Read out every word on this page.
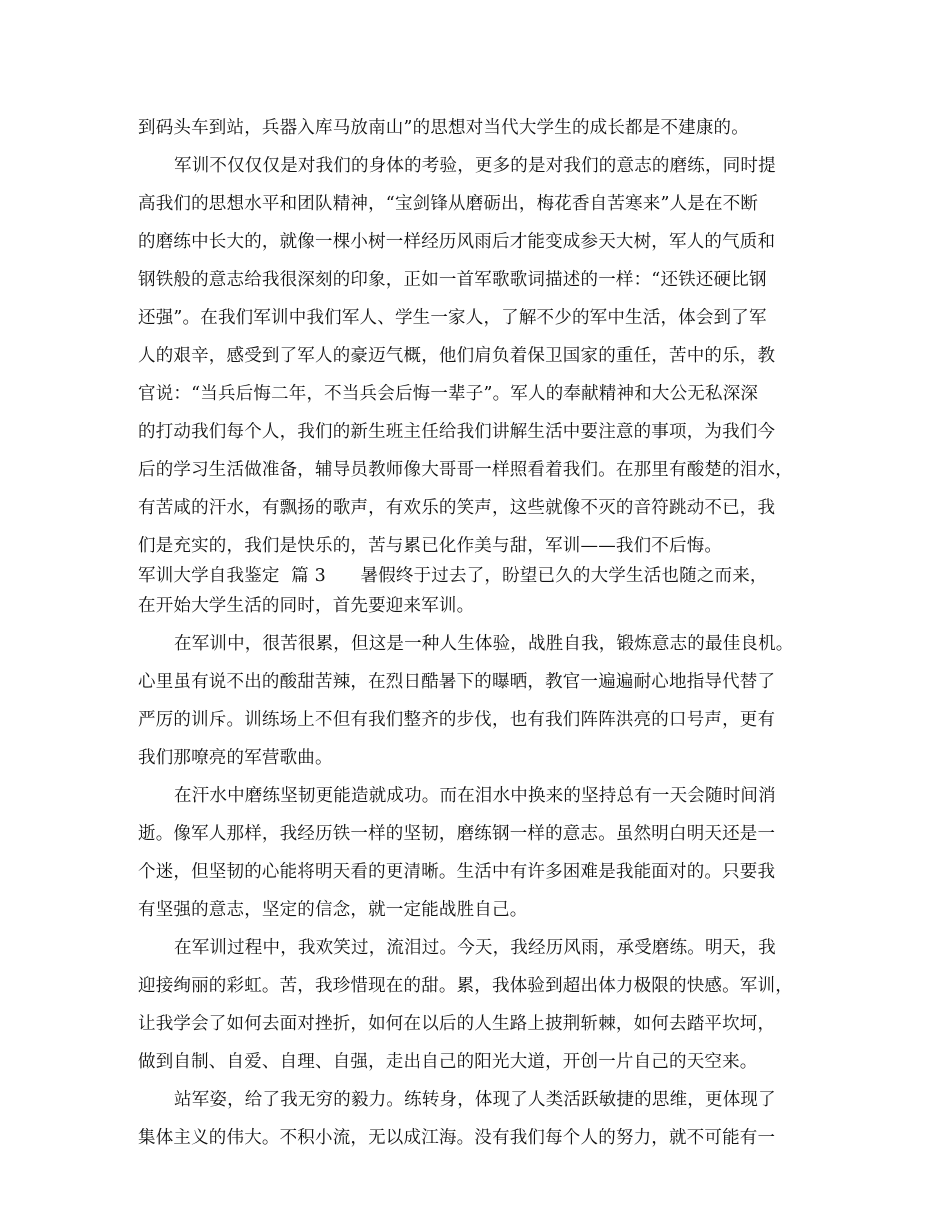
到码头车到站，兵器入库马放南山”的思想对当代大学生的成长都是不建康的。
军训不仅仅仅是对我们的身体的考验，更多的是对我们的意志的磨练，同时提
高我们的思想水平和团队精神，“宝剑锋从磨砺出，梅花香自苦寒来”人是在不断
的磨练中长大的，就像一棵小树一样经历风雨后才能变成参天大树，军人的气质和
钢铁般的意志给我很深刻的印象，正如一首军歌歌词描述的一样：“还铁还硬比钢
还强”。在我们军训中我们军人、学生一家人，了解不少的军中生活，体会到了军
人的艰辛，感受到了军人的豪迈气概，他们肩负着保卫国家的重任，苦中的乐，教
官说：“当兵后悔二年，不当兵会后悔一辈子”。军人的奉献精神和大公无私深深
的打动我们每个人，我们的新生班主任给我们讲解生活中要注意的事项，为我们今
后的学习生活做准备，辅导员教师像大哥哥一样照看着我们。在那里有酸楚的泪水，
有苦咸的汗水，有飘扬的歌声，有欢乐的笑声，这些就像不灭的音符跳动不已，我
们是充实的，我们是快乐的，苦与累已化作美与甜，军训——我们不后悔。
军训大学自我鉴定  篇 3      暑假终于过去了，盼望已久的大学生活也随之而来，
在开始大学生活的同时，首先要迎来军训。
在军训中，很苦很累，但这是一种人生体验，战胜自我，锻炼意志的最佳良机。
心里虽有说不出的酸甜苦辣，在烈日酷暑下的曝晒，教官一遍遍耐心地指导代替了
严厉的训斥。训练场上不但有我们整齐的步伐，也有我们阵阵洪亮的口号声，更有
我们那嘹亮的军营歌曲。
在汗水中磨练坚韧更能造就成功。而在泪水中换来的坚持总有一天会随时间消
逝。像军人那样，我经历铁一样的坚韧，磨练钢一样的意志。虽然明白明天还是一
个迷，但坚韧的心能将明天看的更清晰。生活中有许多困难是我能面对的。只要我
有坚强的意志，坚定的信念，就一定能战胜自己。
在军训过程中，我欢笑过，流泪过。今天，我经历风雨，承受磨练。明天，我
迎接绚丽的彩虹。苦，我珍惜现在的甜。累，我体验到超出体力极限的快感。军训，
让我学会了如何去面对挫折，如何在以后的人生路上披荆斩棘，如何去踏平坎坷，
做到自制、自爱、自理、自强，走出自己的阳光大道，开创一片自己的天空来。
站军姿，给了我无穷的毅力。练转身，体现了人类活跃敏捷的思维，更体现了
集体主义的伟大。不积小流，无以成江海。没有我们每个人的努力，就不可能有一
